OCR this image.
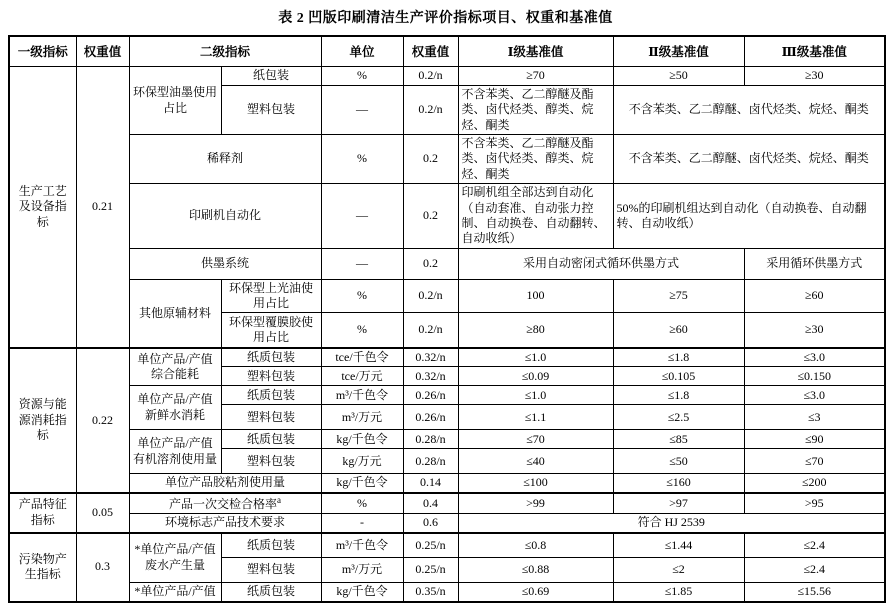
表 2 凹版印刷清洁生产评价指标项目、权重和基准值
一级指标	权重值	二级指标		单位	权重值	Ⅰ级基准值	Ⅱ级基准值	Ⅲ级基准值
生产工艺及设备指标	0.21	环保型油墨使用占比	纸包装	%	0.2/n	≥70	≥50	≥30
			塑料包装	—	0.2/n	不含苯类、乙二醇醚及酯类、卤代烃类、醇类、烷烃、酮类	不含苯类、乙二醇醚、卤代烃类、烷烃、酮类	
		稀释剂		%	0.2	不含苯类、乙二醇醚及酯类、卤代烃类、醇类、烷烃、酮类	不含苯类、乙二醇醚、卤代烃类、烷烃、酮类	
		印刷机自动化		—	0.2	印刷机组全部达到自动化（自动套准、自动张力控制、自动换卷、自动翻转、自动收纸）	50%的印刷机组达到自动化（自动换卷、自动翻转、自动收纸）	
		供墨系统		—	0.2	采用自动密闭式循环供墨方式		采用循环供墨方式
		其他原辅材料	环保型上光油使用占比	%	0.2/n	100	≥75	≥60
			环保型覆膜胶使用占比	%	0.2/n	≥80	≥60	≥30
资源与能源消耗指标	0.22	单位产品/产值综合能耗	纸质包装	tce/千色令	0.32/n	≤1.0	≤1.8	≤3.0
			塑料包装	tce/万元	0.32/n	≤0.09	≤0.105	≤0.150
		单位产品/产值新鲜水消耗	纸质包装	m³/千色令	0.26/n	≤1.0	≤1.8	≤3.0
			塑料包装	m³/万元	0.26/n	≤1.1	≤2.5	≤3
		单位产品/产值有机溶剂使用量	纸质包装	kg/千色令	0.28/n	≤70	≤85	≤90
			塑料包装	kg/万元	0.28/n	≤40	≤50	≤70
		单位产品胶粘剂使用量		kg/千色令	0.14	≤100	≤160	≤200
产品特征指标	0.05	产品一次交检合格率$^a$		%	0.4	>99	>97	>95
		环境标志产品技术要求		-	0.6	符合 HJ 2539		
污染物产生指标	0.3	*单位产品/产值废水产生量	纸质包装	m³/千色令	0.25/n	≤0.8	≤1.44	≤2.4
			塑料包装	m³/万元	0.25/n	≤0.88	≤2	≤2.4
		*单位产品/产值	纸质包装	kg/千色令	0.35/n	≤0.69	≤1.85	≤15.56
